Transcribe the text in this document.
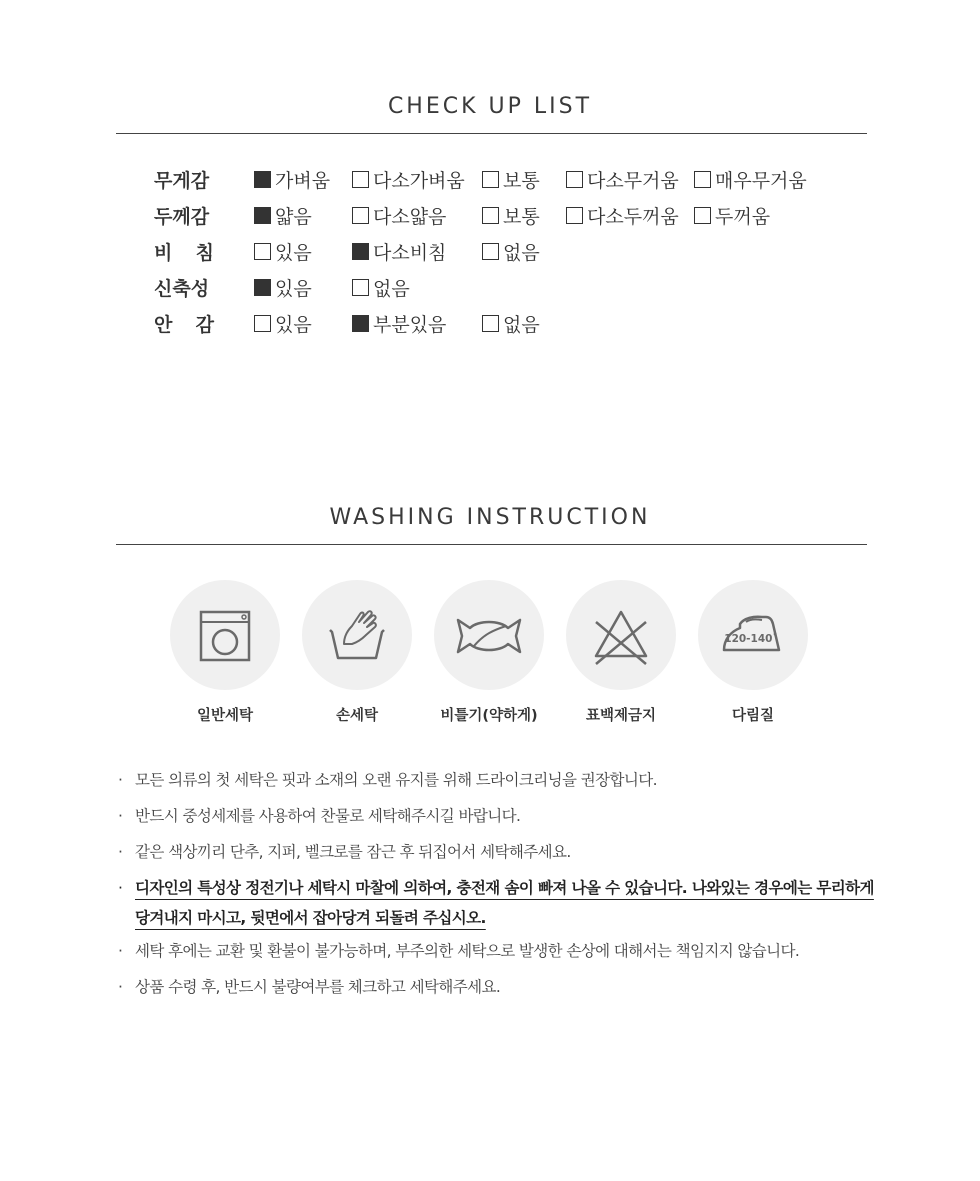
CHECK UP LIST
무게감	가벼움 다소가벼움 보통 다소무거움 매우무거움
두께감	얇음	다소얇음	보통 다소두꺼움 두꺼움
비 침	있음	다소비침	없음
신축성	있음	없음
안 감	있음	부분있음	없음
WASHING INSTRUCTION
일반세탁	손세탁	비틀기(약하게)	표백제금지
120-140˚
다림질
· 모든 의류의 첫 세탁은 핏과 소재의 오랜 유지를 위해 드라이크리닝을 권장합니다.
· 반드시 중성세제를 사용하여 찬물로 세탁해주시길 바랍니다.
· 같은 색상끼리 단추, 지퍼, 벨크로를 잠근 후 뒤집어서 세탁해주세요.
· 디자인의 특성상 정전기나 세탁시 마찰에 의하여, 충전재 솜이 빠져 나올 수 있습니다. 나와있는 경우에는 무리하게 당겨내지 마시고, 뒷면에서 잡아당겨 되돌려 주십시오.
· 세탁 후에는 교환 및 환불이 불가능하며, 부주의한 세탁으로 발생한 손상에 대해서는 책임지지 않습니다.
· 상품 수령 후, 반드시 불량여부를 체크하고 세탁해주세요.
